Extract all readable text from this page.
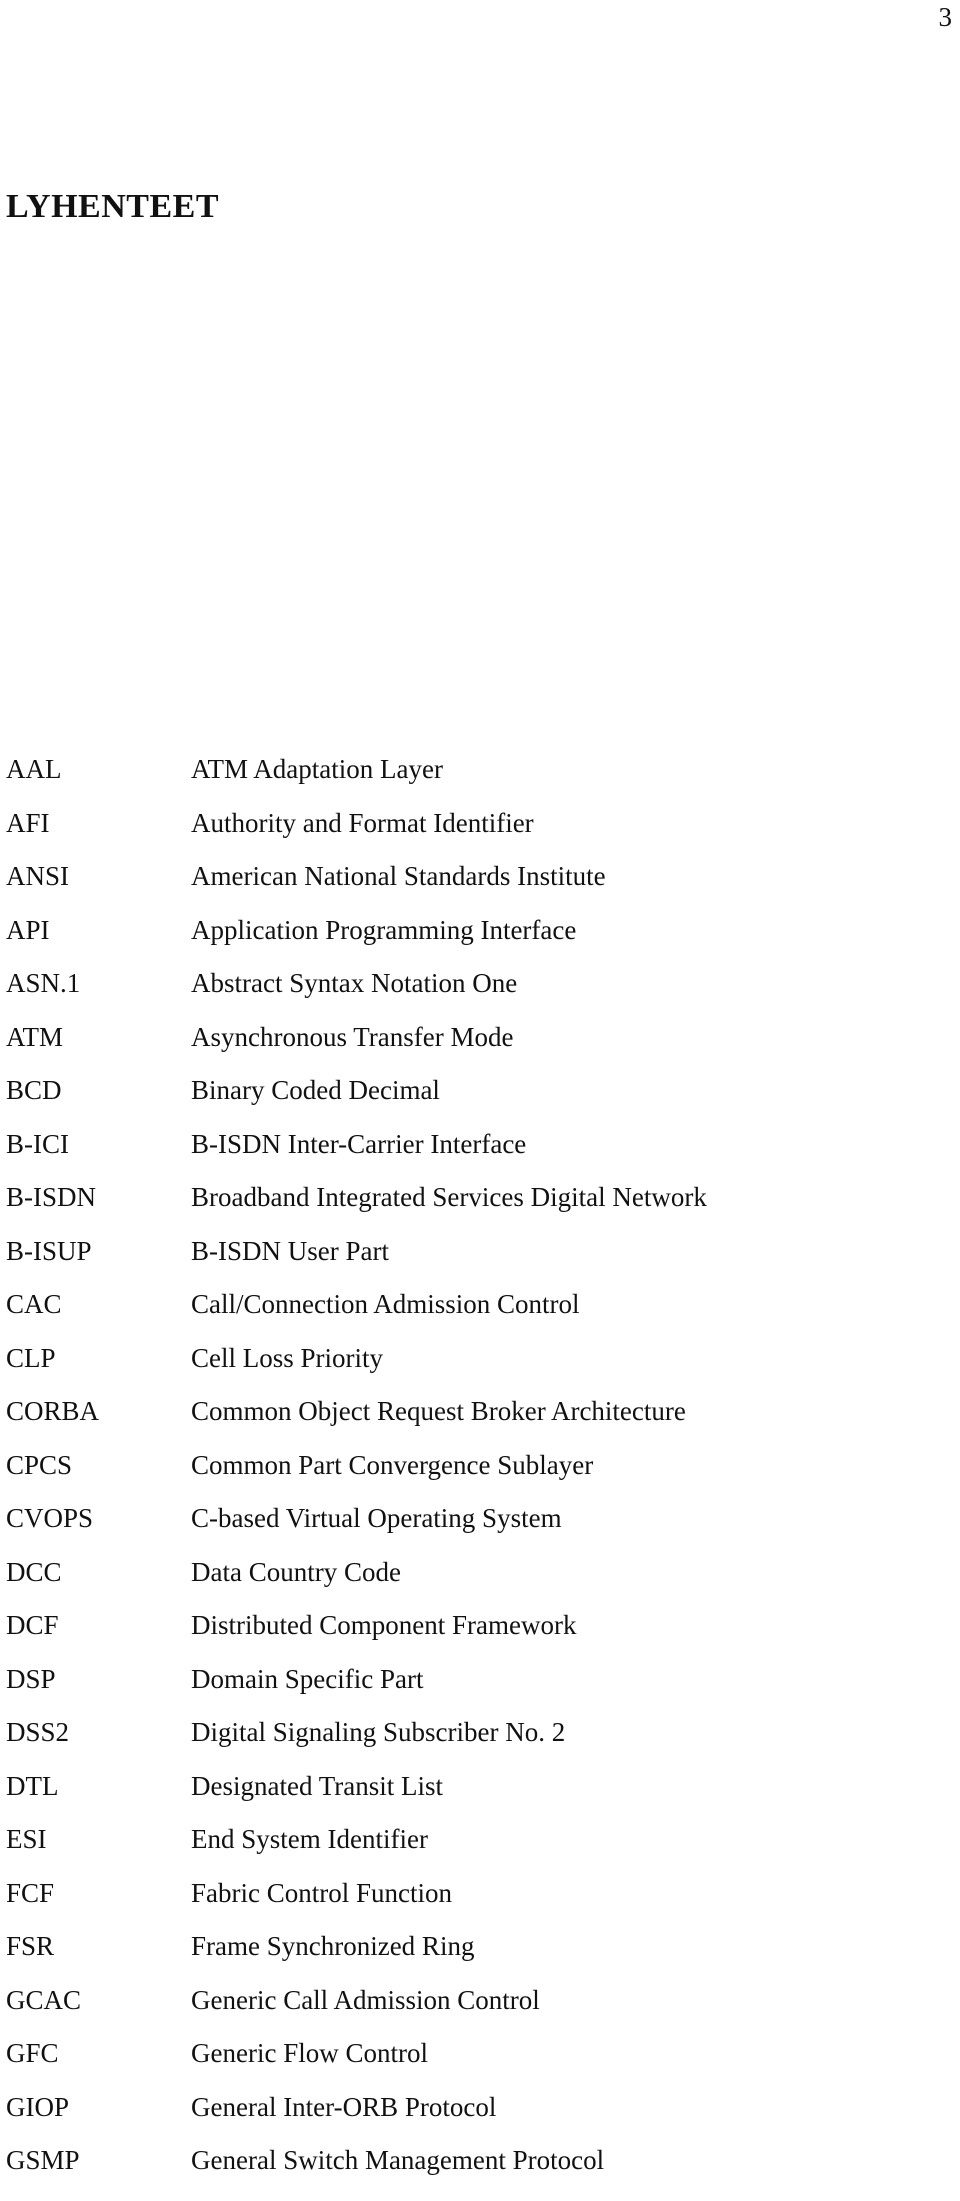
3
LYHENTEET
AAL	ATM Adaptation Layer
AFI	Authority and Format Identifier
ANSI	American National Standards Institute
API	Application Programming Interface
ASN.1	Abstract Syntax Notation One
ATM	Asynchronous Transfer Mode
BCD	Binary Coded Decimal
B-ICI	B-ISDN Inter-Carrier Interface
B-ISDN	Broadband Integrated Services Digital Network
B-ISUP	B-ISDN User Part
CAC	Call/Connection Admission Control
CLP	Cell Loss Priority
CORBA	Common Object Request Broker Architecture
CPCS	Common Part Convergence Sublayer
CVOPS	C-based Virtual Operating System
DCC	Data Country Code
DCF	Distributed Component Framework
DSP	Domain Specific Part
DSS2	Digital Signaling Subscriber No. 2
DTL	Designated Transit List
ESI	End System Identifier
FCF	Fabric Control Function
FSR	Frame Synchronized Ring
GCAC	Generic Call Admission Control
GFC	Generic Flow Control
GIOP	General Inter-ORB Protocol
GSMP	General Switch Management Protocol
